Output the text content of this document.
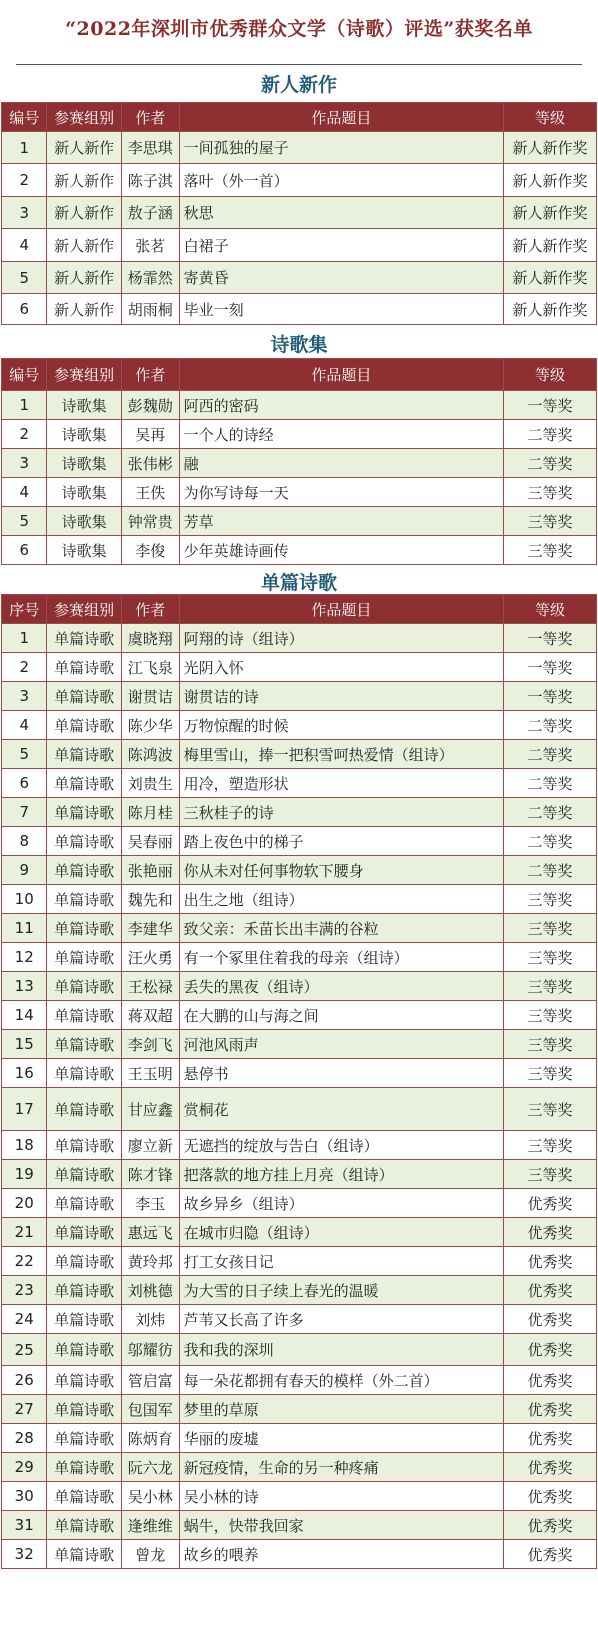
“2022年深圳市优秀群众文学（诗歌）评选”获奖名单
新人新作
编号	参赛组别	作者	作品题目	等级
1	新人新作	李思琪	一间孤独的屋子	新人新作奖
2	新人新作	陈子淇	落叶（外一首）	新人新作奖
3	新人新作	敖子涵	秋思	新人新作奖
4	新人新作	张茗	白裙子	新人新作奖
5	新人新作	杨霏然	寄黄昏	新人新作奖
6	新人新作	胡雨桐	毕业一刻	新人新作奖
诗歌集
编号	参赛组别	作者	作品题目	等级
1	诗歌集	彭魏勋	阿西的密码	一等奖
2	诗歌集	吴再	一个人的诗经	二等奖
3	诗歌集	张伟彬	融	二等奖
4	诗歌集	王佚	为你写诗每一天	三等奖
5	诗歌集	钟常贵	芳草	三等奖
6	诗歌集	李俊	少年英雄诗画传	三等奖
单篇诗歌
序号	参赛组别	作者	作品题目	等级
1	单篇诗歌	虞晓翔	阿翔的诗（组诗）	一等奖
2	单篇诗歌	江飞泉	光阴入怀	一等奖
3	单篇诗歌	谢贯诘	谢贯诘的诗	一等奖
4	单篇诗歌	陈少华	万物惊醒的时候	二等奖
5	单篇诗歌	陈鸿波	梅里雪山，捧一把积雪呵热爱情（组诗）	二等奖
6	单篇诗歌	刘贵生	用冷，塑造形状	二等奖
7	单篇诗歌	陈月桂	三秋桂子的诗	二等奖
8	单篇诗歌	吴春丽	踏上夜色中的梯子	二等奖
9	单篇诗歌	张艳丽	你从未对任何事物软下腰身	二等奖
10	单篇诗歌	魏先和	出生之地（组诗）	三等奖
11	单篇诗歌	李建华	致父亲：禾苗长出丰满的谷粒	三等奖
12	单篇诗歌	汪火勇	有一个冢里住着我的母亲（组诗）	三等奖
13	单篇诗歌	王松禄	丢失的黑夜（组诗）	三等奖
14	单篇诗歌	蒋双超	在大鹏的山与海之间	三等奖
15	单篇诗歌	李剑飞	河池风雨声	三等奖
16	单篇诗歌	王玉明	悬停书	三等奖
17	单篇诗歌	甘应鑫	赏桐花	三等奖
18	单篇诗歌	廖立新	无遮挡的绽放与告白（组诗）	三等奖
19	单篇诗歌	陈才锋	把落款的地方挂上月亮（组诗）	三等奖
20	单篇诗歌	李玉	故乡异乡（组诗）	优秀奖
21	单篇诗歌	惠远飞	在城市归隐（组诗）	优秀奖
22	单篇诗歌	黄玲邦	打工女孩日记	优秀奖
23	单篇诗歌	刘桃德	为大雪的日子续上春光的温暖	优秀奖
24	单篇诗歌	刘炜	芦苇又长高了许多	优秀奖
25	单篇诗歌	邬耀彷	我和我的深圳	优秀奖
26	单篇诗歌	管启富	每一朵花都拥有春天的模样（外二首）	优秀奖
27	单篇诗歌	包国军	梦里的草原	优秀奖
28	单篇诗歌	陈炳育	华丽的废墟	优秀奖
29	单篇诗歌	阮六龙	新冠疫情，生命的另一种疼痛	优秀奖
30	单篇诗歌	吴小林	吴小林的诗	优秀奖
31	单篇诗歌	逢维维	蜗牛，快带我回家	优秀奖
32	单篇诗歌	曾龙	故乡的喂养	优秀奖
